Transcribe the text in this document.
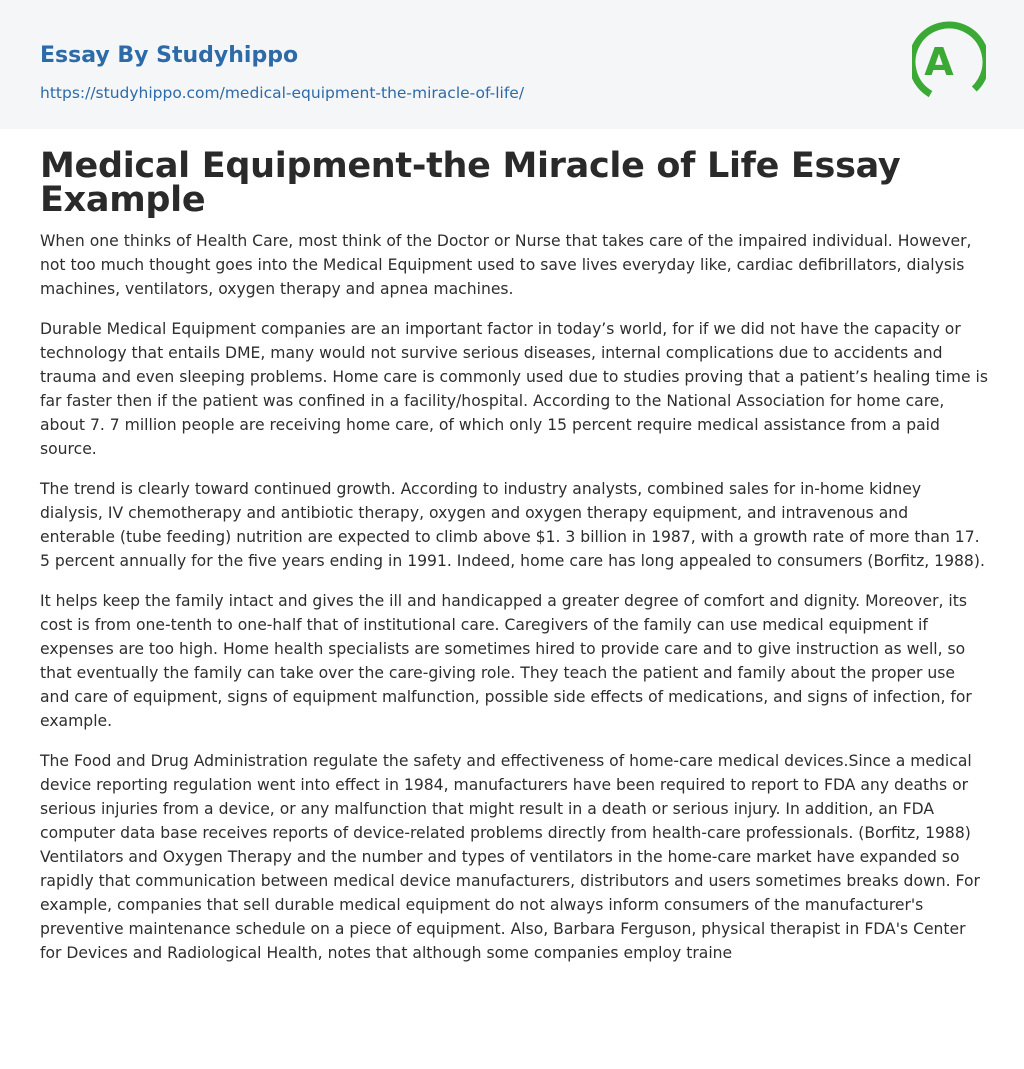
Essay By Studyhippo
https://studyhippo.com/medical-equipment-the-miracle-of-life/
A
Medical Equipment-the Miracle of Life Essay Example

When one thinks of Health Care, most think of the Doctor or Nurse that takes care of the impaired individual. However, not too much thought goes into the Medical Equipment used to save lives everyday like, cardiac defibrillators, dialysis machines, ventilators, oxygen therapy and apnea machines.

Durable Medical Equipment companies are an important factor in today’s world, for if we did not have the capacity or technology that entails DME, many would not survive serious diseases, internal complications due to accidents and trauma and even sleeping problems. Home care is commonly used due to studies proving that a patient’s healing time is far faster then if the patient was confined in a facility/hospital. According to the National Association for home care, about 7. 7 million people are receiving home care, of which only 15 percent require medical assistance from a paid source.

The trend is clearly toward continued growth. According to industry analysts, combined sales for in-home kidney dialysis, IV chemotherapy and antibiotic therapy, oxygen and oxygen therapy equipment, and intravenous and enterable (tube feeding) nutrition are expected to climb above $1. 3 billion in 1987, with a growth rate of more than 17. 5 percent annually for the five years ending in 1991. Indeed, home care has long appealed to consumers (Borfitz, 1988).

It helps keep the family intact and gives the ill and handicapped a greater degree of comfort and dignity. Moreover, its cost is from one-tenth to one-half that of institutional care. Caregivers of the family can use medical equipment if expenses are too high. Home health specialists are sometimes hired to provide care and to give instruction as well, so that eventually the family can take over the care-giving role. They teach the patient and family about the proper use and care of equipment, signs of equipment malfunction, possible side effects of medications, and signs of infection, for example.

The Food and Drug Administration regulate the safety and effectiveness of home-care medical devices.Since a medical device reporting regulation went into effect in 1984, manufacturers have been required to report to FDA any deaths or serious injuries from a device, or any malfunction that might result in a death or serious injury. In addition, an FDA computer data base receives reports of device-related problems directly from health-care professionals. (Borfitz, 1988) Ventilators and Oxygen Therapy and the number and types of ventilators in the home-care market have expanded so rapidly that communication between medical device manufacturers, distributors and users sometimes breaks down. For example, companies that sell durable medical equipment do not always inform consumers of the manufacturer's preventive maintenance schedule on a piece of equipment. Also, Barbara Ferguson, physical therapist in FDA's Center for Devices and Radiological Health, notes that although some companies employ traine
